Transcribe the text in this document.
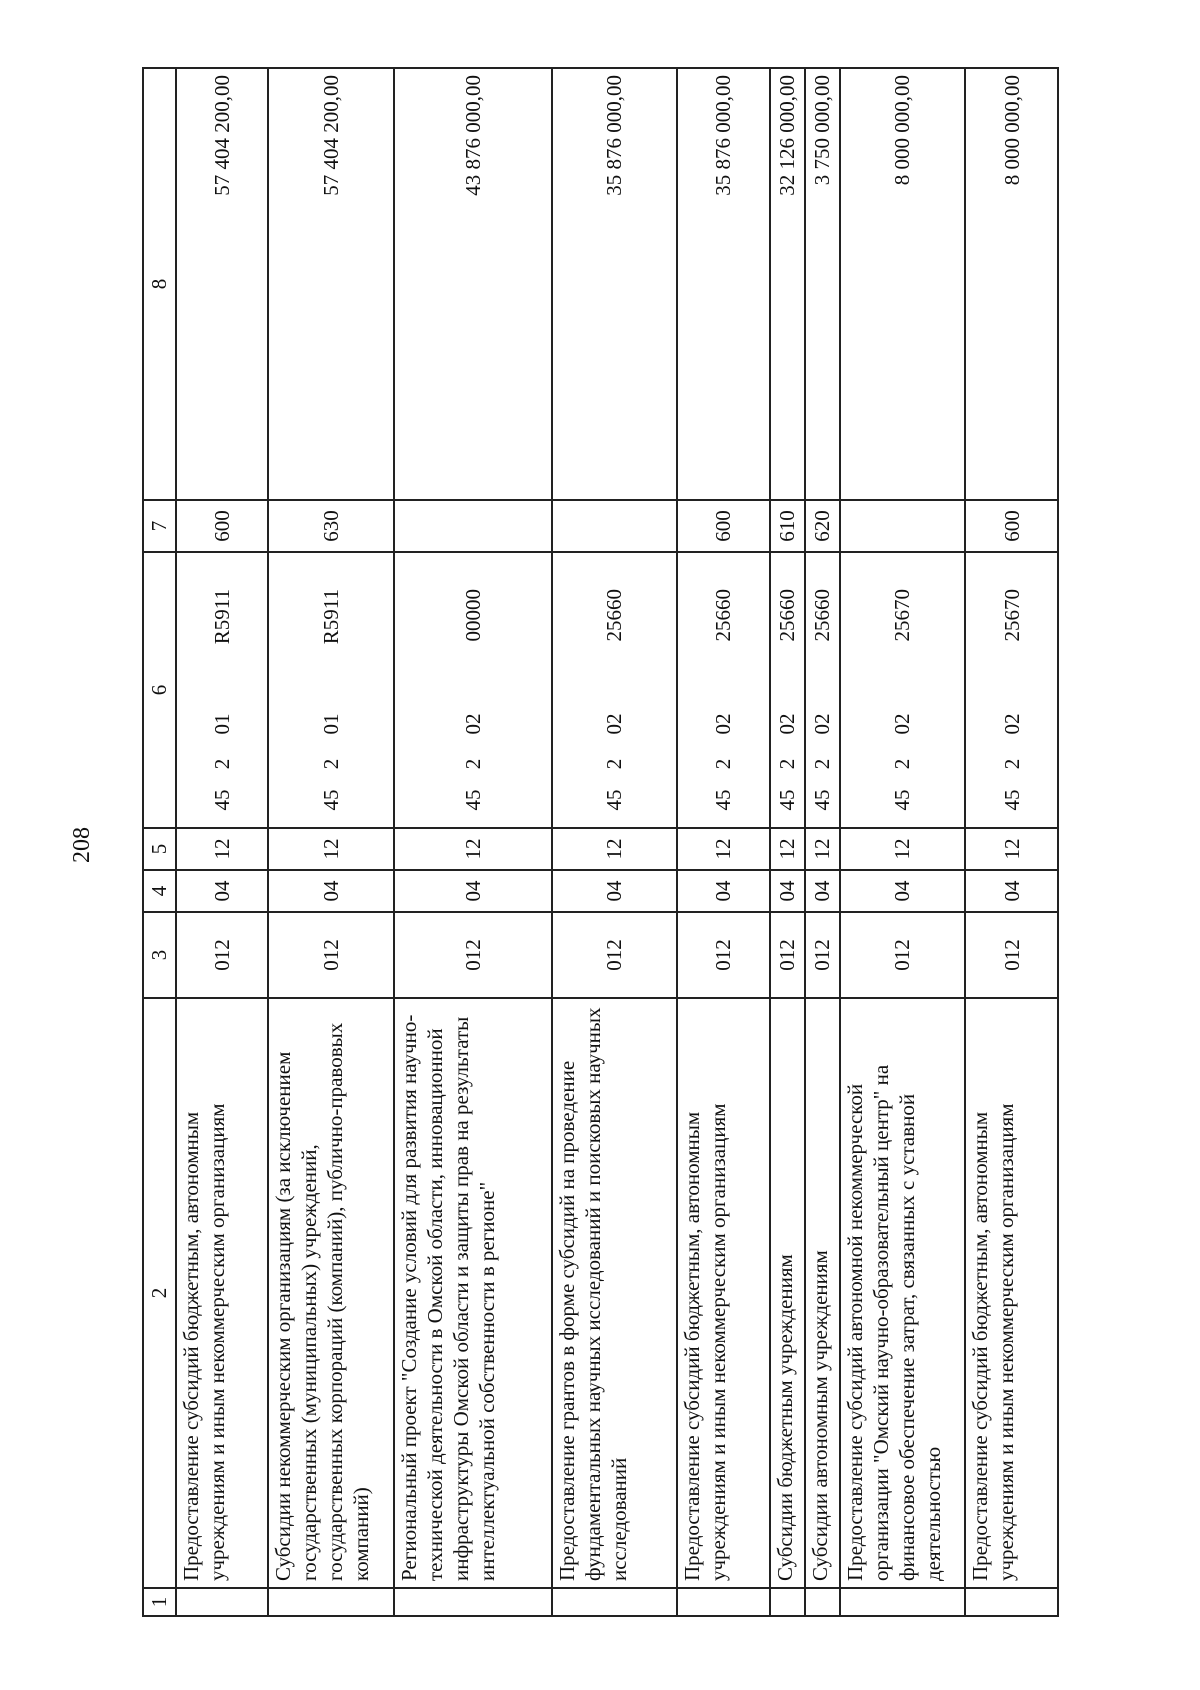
208
1	2	3	4	5	6	7	8
	Предоставление субсидий бюджетным, автономным учреждениям и иным некоммерческим организациям	012	04	12	45201R5911	600	57 404 200,00
	Субсидии некоммерческим организациям (за исключением государственных (муниципальных) учреждений, государственных корпораций (компаний), публично-правовых компаний)	012	04	12	45201R5911	630	57 404 200,00
	Региональный проект "Создание условий для развития научно-технической деятельности в Омской области, инновационной инфраструктуры Омской области и защиты прав на результаты интеллектуальной собственности в регионе"	012	04	12	4520200000		43 876 000,00
	Предоставление грантов в форме субсидий на проведение фундаментальных научных исследований и поисковых научных исследований	012	04	12	4520225660		35 876 000,00
	Предоставление субсидий бюджетным, автономным учреждениям и иным некоммерческим организациям	012	04	12	4520225660	600	35 876 000,00
	Субсидии бюджетным учреждениям	012	04	12	4520225660	610	32 126 000,00
	Субсидии автономным учреждениям	012	04	12	4520225660	620	3 750 000,00
	Предоставление субсидий автономной некоммерческой организации "Омский научно-образовательный центр" на финансовое обеспечение затрат, связанных с уставной деятельностью	012	04	12	4520225670		8 000 000,00
	Предоставление субсидий бюджетным, автономным учреждениям и иным некоммерческим организациям	012	04	12	4520225670	600	8 000 000,00
